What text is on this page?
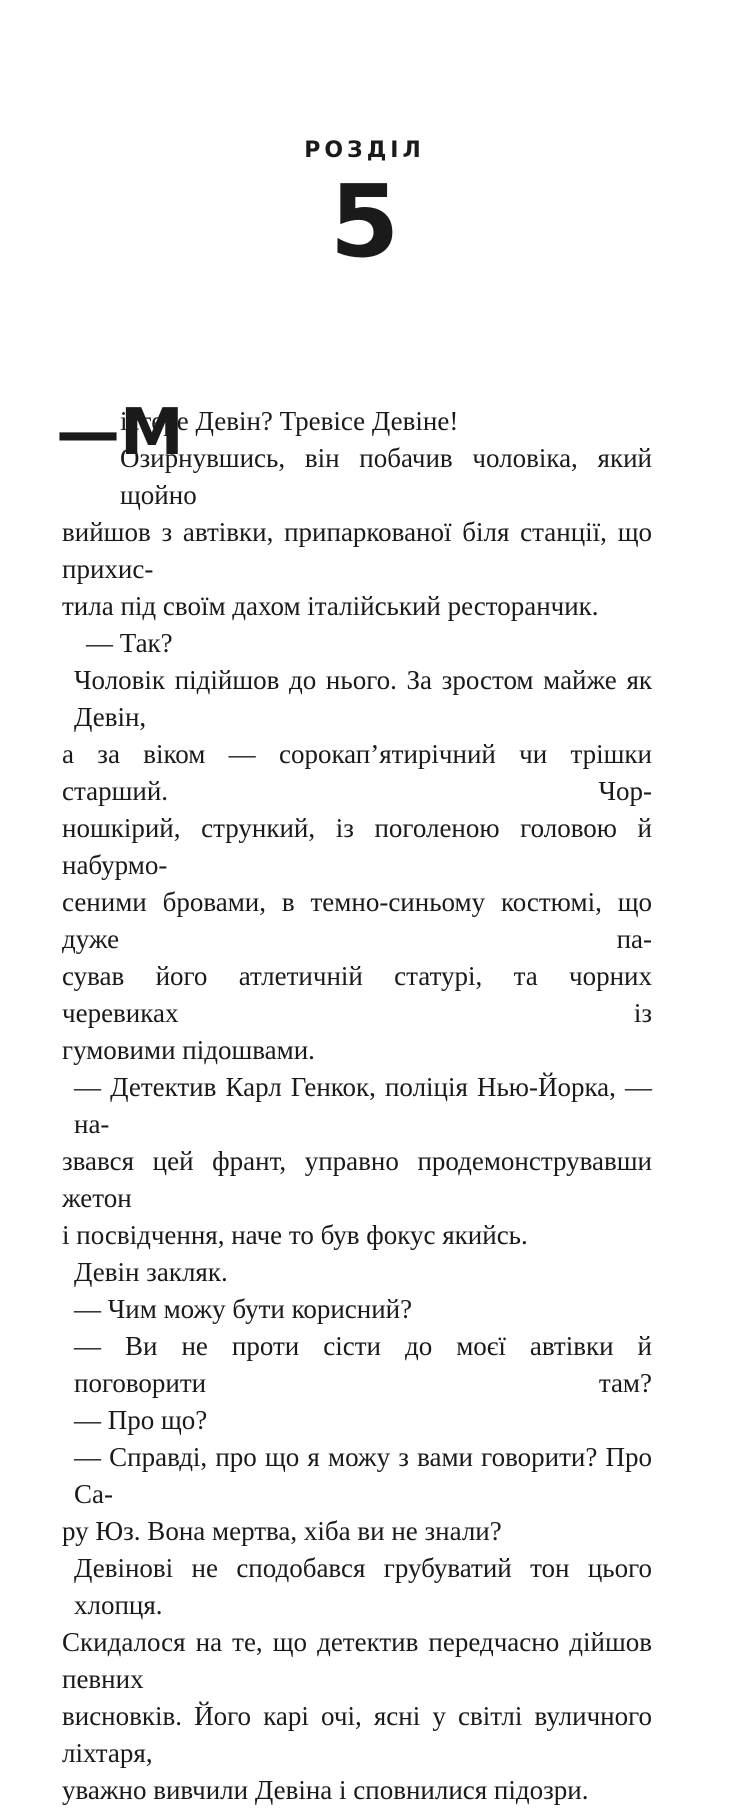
РОЗДІЛ
5
—М
істере Девін? Тревісе Девіне!
Озирнувшись, він побачив чоловіка, який щойно
вийшов з автівки, припаркованої біля станції, що прихис-
тила під своїм дахом італійський ресторанчик.
— Так?
Чоловік підійшов до нього. За зростом майже як Девін,
а за віком — сорокап’ятирічний чи трішки старший. Чор-
ношкірий, стрункий, із поголеною головою й набурмо-
сеними бровами, в темно-синьому костюмі, що дуже па-
сував його атлетичній статурі, та чорних черевиках із
гумовими підошвами.
— Детектив Карл Генкок, поліція Нью-Йорка, — на-
звався цей франт, управно продемонструвавши жетон
і посвідчення, наче то був фокус якийсь.
Девін закляк.
— Чим можу бути корисний?
— Ви не проти сісти до моєї автівки й поговорити там?
— Про що?
— Справді, про що я можу з вами говорити? Про Са-
ру Юз. Вона мертва, хіба ви не знали?
Девінові не сподобався грубуватий тон цього хлопця.
Скидалося на те, що детектив передчасно дійшов певних
висновків. Його карі очі, ясні у світлі вуличного ліхтаря,
уважно вивчили Девіна і сповнилися підозри.
